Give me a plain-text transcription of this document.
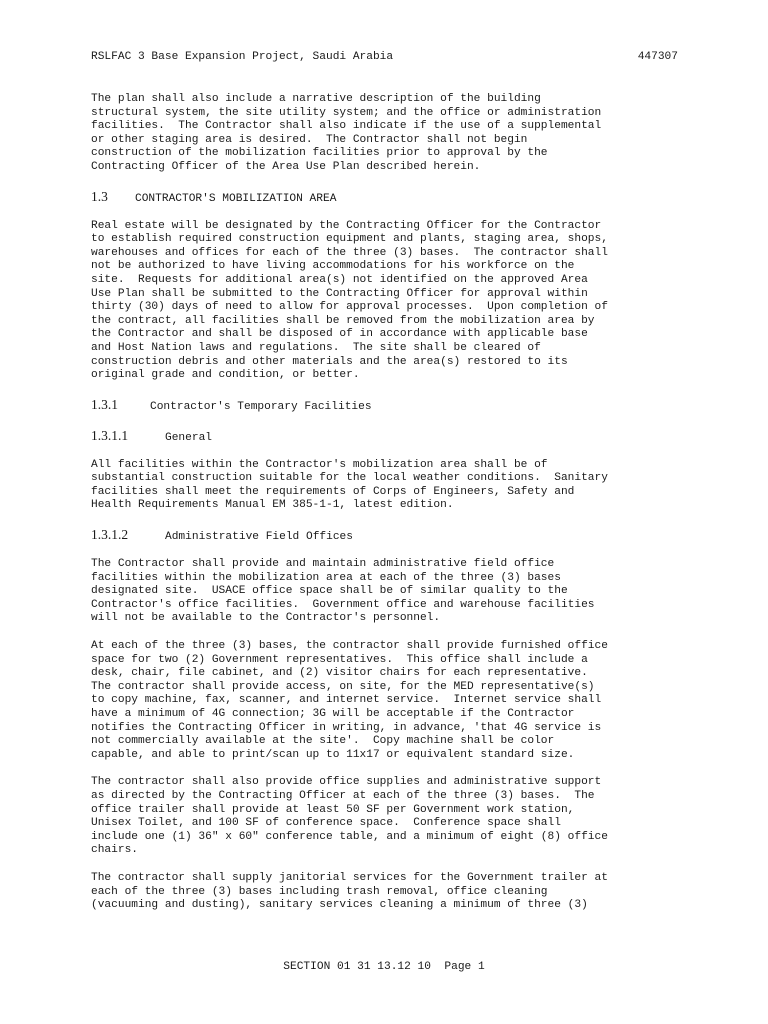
RSLFAC 3 Base Expansion Project, Saudi Arabia	447307

The plan shall also include a narrative description of the building
structural system, the site utility system; and the office or administration
facilities.  The Contractor shall also indicate if the use of a supplemental
or other staging area is desired.  The Contractor shall not begin
construction of the mobilization facilities prior to approval by the
Contracting Officer of the Area Use Plan described herein.

1.3	CONTRACTOR'S MOBILIZATION AREA

Real estate will be designated by the Contracting Officer for the Contractor
to establish required construction equipment and plants, staging area, shops,
warehouses and offices for each of the three (3) bases.  The contractor shall
not be authorized to have living accommodations for his workforce on the
site.  Requests for additional area(s) not identified on the approved Area
Use Plan shall be submitted to the Contracting Officer for approval within
thirty (30) days of need to allow for approval processes.  Upon completion of
the contract, all facilities shall be removed from the mobilization area by
the Contractor and shall be disposed of in accordance with applicable base
and Host Nation laws and regulations.  The site shall be cleared of
construction debris and other materials and the area(s) restored to its
original grade and condition, or better.

1.3.1	Contractor's Temporary Facilities
1.3.1.1	General

All facilities within the Contractor's mobilization area shall be of
substantial construction suitable for the local weather conditions.  Sanitary
facilities shall meet the requirements of Corps of Engineers, Safety and
Health Requirements Manual EM 385-1-1, latest edition.

1.3.1.2	Administrative Field Offices

The Contractor shall provide and maintain administrative field office
facilities within the mobilization area at each of the three (3) bases
designated site.  USACE office space shall be of similar quality to the
Contractor's office facilities.  Government office and warehouse facilities
will not be available to the Contractor's personnel.

At each of the three (3) bases, the contractor shall provide furnished office
space for two (2) Government representatives.  This office shall include a
desk, chair, file cabinet, and (2) visitor chairs for each representative.
The contractor shall provide access, on site, for the MED representative(s)
to copy machine, fax, scanner, and internet service.  Internet service shall
have a minimum of 4G connection; 3G will be acceptable if the Contractor
notifies the Contracting Officer in writing, in advance, 'that 4G service is
not commercially available at the site'.  Copy machine shall be color
capable, and able to print/scan up to 11x17 or equivalent standard size.

The contractor shall also provide office supplies and administrative support
as directed by the Contracting Officer at each of the three (3) bases.  The
office trailer shall provide at least 50 SF per Government work station,
Unisex Toilet, and 100 SF of conference space.  Conference space shall
include one (1) 36" x 60" conference table, and a minimum of eight (8) office
chairs.

The contractor shall supply janitorial services for the Government trailer at
each of the three (3) bases including trash removal, office cleaning
(vacuuming and dusting), sanitary services cleaning a minimum of three (3)

SECTION 01 31 13.12 10  Page 1
